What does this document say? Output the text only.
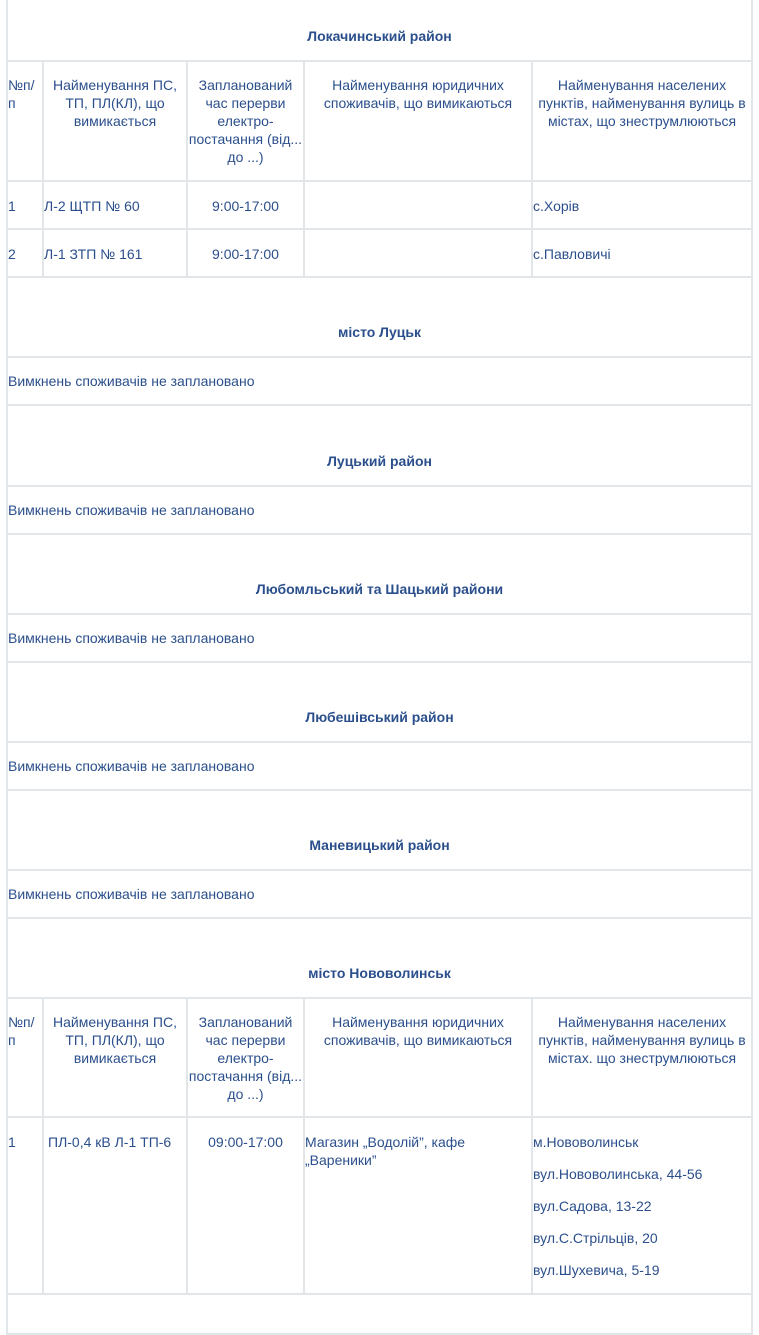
Локачинський район				
№п/п	Найменування ПС, ТП, ПЛ(КЛ), що вимикається	Запланований час перерви електро-постачання (від... до ...)	Найменування юридичних споживачів, що вимикаються	Найменування населених пунктів, найменування вулиць в містах, що знеструмлюються
1	Л-2 ЩТП № 60	9:00-17:00		с.Хорів
2	Л-1 ЗТП № 161	9:00-17:00		с.Павловичі
місто Луцьк				
Вимкнень споживачів не заплановано				
Луцький район				
Вимкнень споживачів не заплановано				
Любомльський та Шацький райони				
Вимкнень споживачів не заплановано				
Любешівський район				
Вимкнень споживачів не заплановано				
Маневицький район				
Вимкнень споживачів не заплановано				
місто Нововолинськ				
№п/п	Найменування ПС, ТП, ПЛ(КЛ), що вимикається	Запланований час перерви електро-постачання (від... до ...)	Найменування юридичних споживачів, що вимикаються	Найменування населених пунктів, найменування вулиць в містах. що знеструмлюються
1	ПЛ-0,4 кВ Л-1 ТП-6	09:00-17:00	Магазин „Водолій”, кафе „Вареники”	м.Нововолинськ
вул.Нововолинська, 44-56
вул.Садова, 13-22
вул.С.Стрільців, 20
вул.Шухевича, 5-19
